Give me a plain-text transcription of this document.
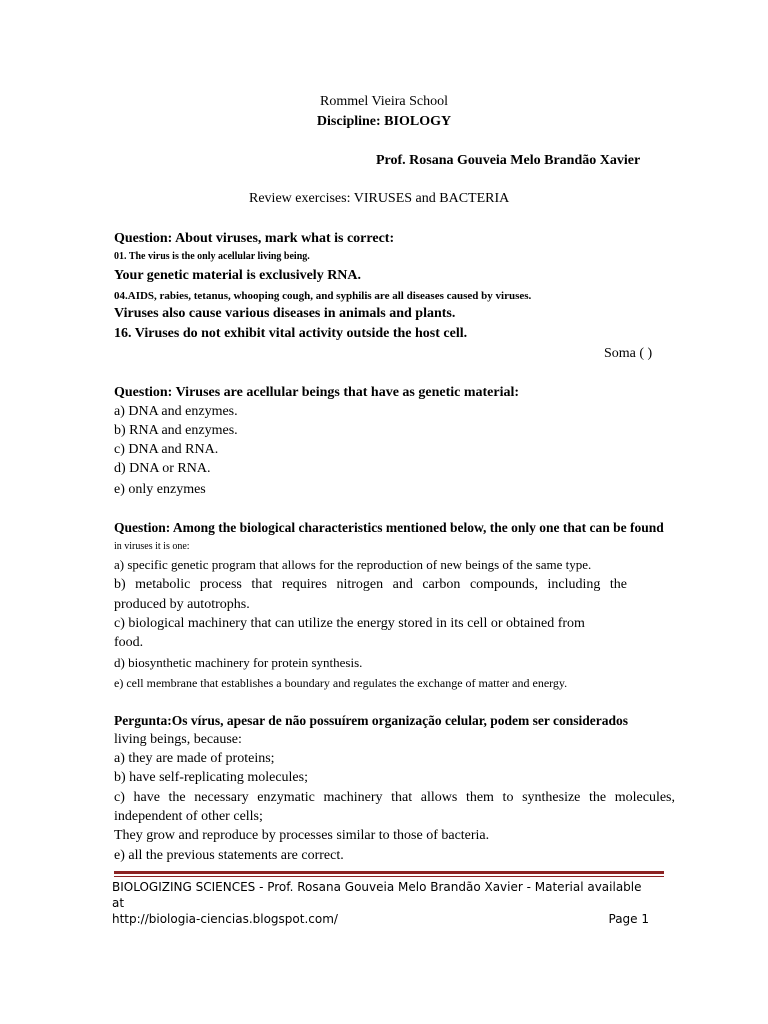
Rommel Vieira School
Discipline: BIOLOGY
Prof. Rosana Gouveia Melo Brandão Xavier
Review exercises: VIRUSES and BACTERIA
Question: About viruses, mark what is correct:
01. The virus is the only acellular living being.
Your genetic material is exclusively RNA.
04.AIDS, rabies, tetanus, whooping cough, and syphilis are all diseases caused by viruses.
Viruses also cause various diseases in animals and plants.
16. Viruses do not exhibit vital activity outside the host cell.
Soma ( )
Question: Viruses are acellular beings that have as genetic material:
a) DNA and enzymes.
b) RNA and enzymes.
c) DNA and RNA.
d) DNA or RNA.
e) only enzymes
Question: Among the biological characteristics mentioned below, the only one that can be found
in viruses it is one:
a) specific genetic program that allows for the reproduction of new beings of the same type.
b) metabolic process that requires nitrogen and carbon compounds, including the
produced by autotrophs.
c) biological machinery that can utilize the energy stored in its cell or obtained from
food.
d) biosynthetic machinery for protein synthesis.
e) cell membrane that establishes a boundary and regulates the exchange of matter and energy.
Pergunta:Os vírus, apesar de não possuírem organização celular, podem ser considerados
living beings, because:
a) they are made of proteins;
b) have self-replicating molecules;
c) have the necessary enzymatic machinery that allows them to synthesize the molecules,
independent of other cells;
They grow and reproduce by processes similar to those of bacteria.
e) all the previous statements are correct.
BIOLOGIZING SCIENCES - Prof. Rosana Gouveia Melo Brandão Xavier - Material available at
http://biologia-ciencias.blogspot.com/	Page 1
